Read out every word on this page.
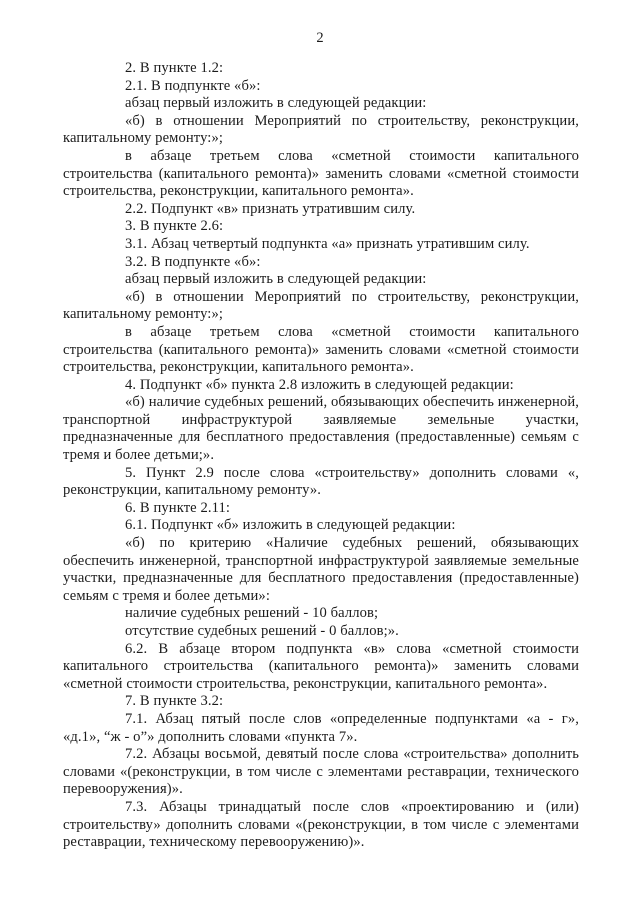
2

2. В пункте 1.2:

2.1. В подпункте «б»:

абзац первый изложить в следующей редакции:

«б) в отношении Мероприятий по строительству, реконструкции, капитальному ремонту:»;

в абзаце третьем слова «сметной стоимости капитального строительства (капитального ремонта)» заменить словами «сметной стоимости строительства, реконструкции, капитального ремонта».

2.2. Подпункт «в» признать утратившим силу.

3. В пункте 2.6:

3.1. Абзац четвертый подпункта «а» признать утратившим силу.

3.2. В подпункте «б»:

абзац первый изложить в следующей редакции:

«б) в отношении Мероприятий по строительству, реконструкции, капитальному ремонту:»;

в абзаце третьем слова «сметной стоимости капитального строительства (капитального ремонта)» заменить словами «сметной стоимости строительства, реконструкции, капитального ремонта».

4. Подпункт «б» пункта 2.8 изложить в следующей редакции:

«б) наличие судебных решений, обязывающих обеспечить инженерной, транспортной инфраструктурой заявляемые земельные участки, предназначенные для бесплатного предоставления (предоставленные) семьям с тремя и более детьми;».

5. Пункт 2.9 после слова «строительству» дополнить словами «, реконструкции, капитальному ремонту».

6. В пункте 2.11:

6.1. Подпункт «б» изложить в следующей редакции:

«б) по критерию «Наличие судебных решений, обязывающих обеспечить инженерной, транспортной инфраструктурой заявляемые земельные участки, предназначенные для бесплатного предоставления (предоставленные) семьям с тремя и более детьми»:

наличие судебных решений - 10 баллов;

отсутствие судебных решений - 0 баллов;».

6.2. В абзаце втором подпункта «в» слова «сметной стоимости капитального строительства (капитального ремонта)» заменить словами «сметной стоимости строительства, реконструкции, капитального ремонта».

7. В пункте 3.2:

7.1. Абзац пятый после слов «определенные подпунктами «а - г», «д.1», “ж - о”» дополнить словами «пункта 7».

7.2. Абзацы восьмой, девятый после слова «строительства» дополнить словами «(реконструкции, в том числе с элементами реставрации, технического перевооружения)».

7.3. Абзацы тринадцатый после слов «проектированию и (или) строительству» дополнить словами «(реконструкции, в том числе с элементами реставрации, техническому перевооружению)».
